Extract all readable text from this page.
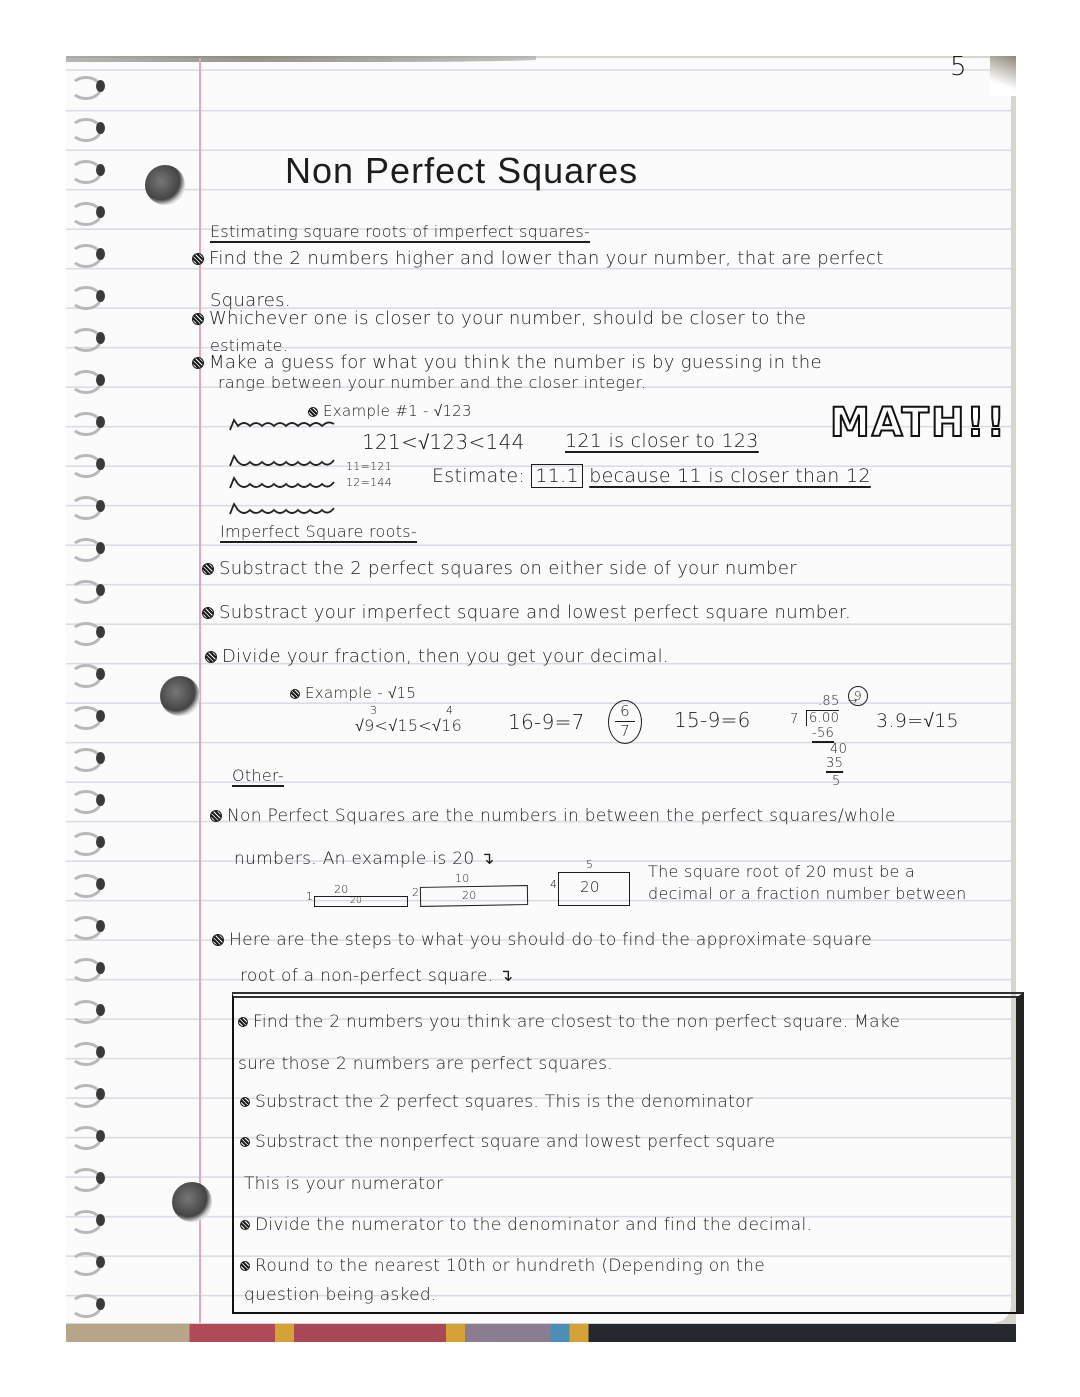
5
Non Perfect Squares
Estimating square roots of imperfect squares-
Find the 2 numbers higher and lower than your number, that are perfect
Squares.
Whichever one is closer to your number, should be closer to the
estimate.
Make a guess for what you think the number is by guessing in the
range between your number and the closer integer.
Example #1 - √123
121<√123<144 121 is closer to 123 MATH!!
11=121
12=144 Estimate: 11.1 because 11 is closer than 12
Imperfect Square roots-
Substract the 2 perfect squares on either side of your number
Substract your imperfect square and lowest perfect square number.
Divide your fraction, then you get your decimal.
Example - √15
3	4
√9<√15<√16 16-9=7	6
7	15-9=6
.85 →
9
7 6.00
-56
40
35
5
3.9=√15
Other-
Non Perfect Squares are the numbers in between the perfect squares/whole
numbers. An example is 20 ↴
1
20
20
2
10
20
4
5
20
The square root of 20 must be a
decimal or a fraction number between
Here are the steps to what you should do to find the approximate square
root of a non-perfect square. ↴
Find the 2 numbers you think are closest to the non perfect square. Make
sure those 2 numbers are perfect squares.
Substract the 2 perfect squares. This is the denominator
Substract the nonperfect square and lowest perfect square
This is your numerator
Divide the numerator to the denominator and find the decimal.
Round to the nearest 10th or hundreth (Depending on the
question being asked.
